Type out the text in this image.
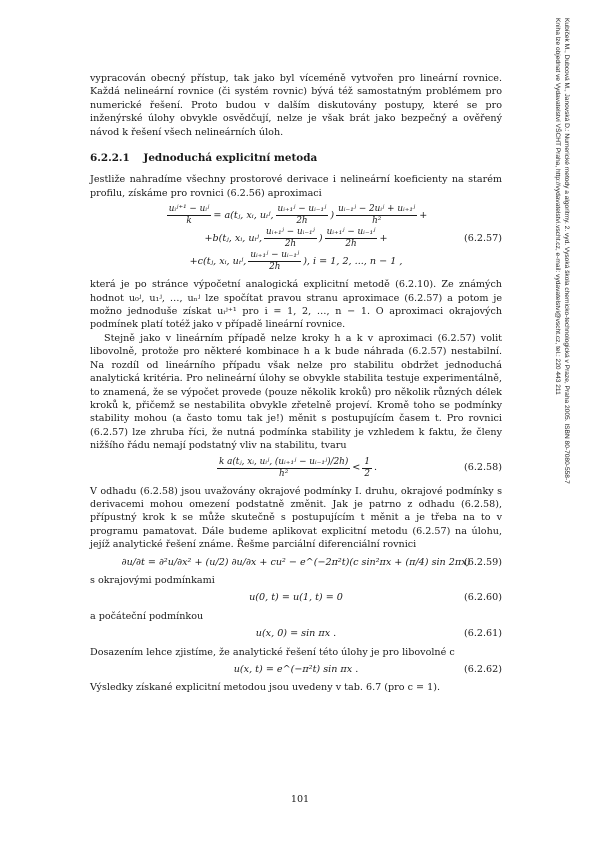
Kubíček M., Dubcová M., Janovská D.: Numerické metody a algoritmy. 2. vyd. Vysoká škola chemicko-technologická v Praze, Praha 2005. ISBN 80-7080-558-7
Kniha lze objednat ve Vydavatelství VŠCHT Praha, http://vydavatelstvi.vscht.cz, e-mail: vydavatelstvi@vscht.cz, tel.: 220 443 211

vypracován obecný přístup, tak jako byl víceméně vytvořen pro lineární rovnice. Každá nelineární rovnice (či systém rovnic) bývá též samostatným problémem pro numerické řešení. Proto budou v dalším diskutovány postupy, které se pro inženýrské úlohy obvykle osvědčují, nelze je však brát jako bezpečný a ověřený návod k řešení všech nelineárních úloh.

6.2.2.1 Jednoduchá explicitní metoda

Jestliže nahradíme všechny prostorové derivace i nelineární koeficienty na starém profilu, získáme pro rovnici (6.2.56) aproximaci

$\frac{\text{uᵢʲ⁺¹ − uᵢʲ}}{k}$ = a(tⱼ, xᵢ, uᵢʲ, $\frac{\text{uᵢ₊₁ʲ − uᵢ₋₁ʲ}}{2h}$ ) $\frac{\text{uᵢ₋₁ʲ − 2uᵢʲ + uᵢ₊₁ʲ}}{\text{h²}}$ +
+b(tⱼ, xᵢ, uᵢʲ, $\frac{\text{uᵢ₊₁ʲ − uᵢ₋₁ʲ}}{2h}$ ) $\frac{\text{uᵢ₊₁ʲ − uᵢ₋₁ʲ}}{2h}$ +	(6.2.57)
+c(tⱼ, xᵢ, uᵢʲ, $\frac{\text{uᵢ₊₁ʲ − uᵢ₋₁ʲ}}{2h}$ ), i = 1, 2, ..., n − 1 ,

která je po stránce výpočetní analogická explicitní metodě (6.2.10). Ze známých hodnot u₀ʲ, u₁ʲ, …, uₙʲ lze spočítat pravou stranu aproximace (6.2.57) a potom je možno jednoduše získat uᵢʲ⁺¹ pro i = 1, 2, …, n − 1. O aproximaci okrajových podmínek platí totéž jako v případě lineární rovnice.

Stejně jako v lineárním případě nelze kroky h a k v aproximaci (6.2.57) volit libovolně, protože pro některé kombinace h a k bude náhrada (6.2.57) nestabilní. Na rozdíl od lineárního případu však nelze pro stabilitu obdržet jednoduchá analytická kritéria. Pro nelineární úlohy se obvykle stabilita testuje experimentálně, to znamená, že se výpočet provede (pouze několik kroků) pro několik různých délek kroků k, přičemž se nestabilita obvykle zřetelně projeví. Kromě toho se podmínky stability mohou (a často tomu tak je!) měnit s postupujícím časem t. Pro rovnici (6.2.57) lze zhruba říci, že nutná podmínka stability je vzhledem k faktu, že členy nižšího řádu nemají podstatný vliv na stabilitu, tvaru

$\frac{\text{k a(tⱼ, xᵢ, uᵢʲ, (uᵢ₊₁ʲ − uᵢ₋₁ʲ)/2h)}}{\text{h²}} < \frac{1}{2}$ .	(6.2.58)

V odhadu (6.2.58) jsou uvažovány okrajové podmínky I. druhu, okrajové podmínky s derivacemi mohou omezení podstatně změnit. Jak je patrno z odhadu (6.2.58), přípustný krok k se může skutečně s postupujícím t měnit a je třeba na to v programu pamatovat. Dále budeme aplikovat explicitní metodu (6.2.57) na úlohu, jejíž analytické řešení známe. Řešme parciální diferenciální rovnici

∂u/∂t = ∂²u/∂x² + (u/2) ∂u/∂x + cu² − e^(−2π²t)(c sin²πx + (π/4) sin 2πx)
(6.2.59)

s okrajovými podmínkami

u(0, t) = u(1, t) = 0	(6.2.60)

a počáteční podmínkou

u(x, 0) = sin πx .	(6.2.61)

Dosazením lehce zjistíme, že analytické řešení této úlohy je pro libovolné c

u(x, t) = e^(−π²t) sin πx .	(6.2.62)

Výsledky získané explicitní metodou jsou uvedeny v tab. 6.7 (pro c = 1).

101
